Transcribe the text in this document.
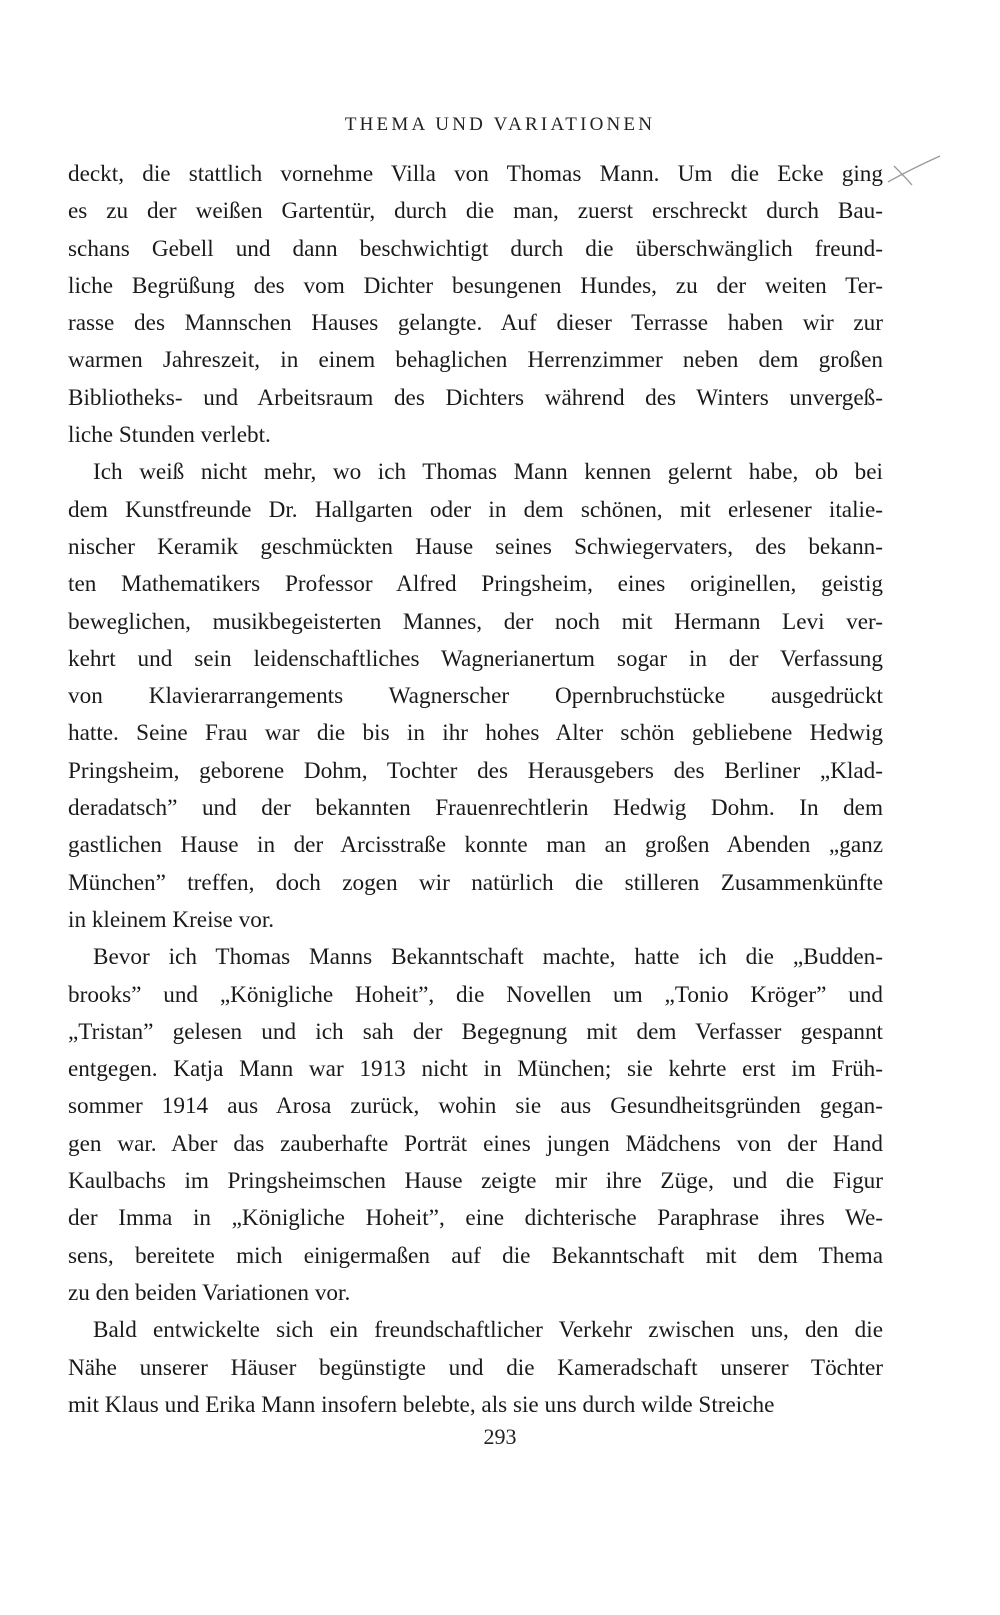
THEMA UND VARIATIONEN
deckt, die stattlich vornehme Villa von Thomas Mann. Um die Ecke ging
es zu der weißen Gartentür, durch die man, zuerst erschreckt durch Bau-
schans Gebell und dann beschwichtigt durch die überschwänglich freund-
liche Begrüßung des vom Dichter besungenen Hundes, zu der weiten Ter-
rasse des Mannschen Hauses gelangte. Auf dieser Terrasse haben wir zur
warmen Jahreszeit, in einem behaglichen Herrenzimmer neben dem großen
Bibliotheks- und Arbeitsraum des Dichters während des Winters unvergeß-
liche Stunden verlebt.
Ich weiß nicht mehr, wo ich Thomas Mann kennen gelernt habe, ob bei
dem Kunstfreunde Dr. Hallgarten oder in dem schönen, mit erlesener italie-
nischer Keramik geschmückten Hause seines Schwiegervaters, des bekann-
ten Mathematikers Professor Alfred Pringsheim, eines originellen, geistig
beweglichen, musikbegeisterten Mannes, der noch mit Hermann Levi ver-
kehrt und sein leidenschaftliches Wagnerianertum sogar in der Verfassung
von Klavierarrangements Wagnerscher Opernbruchstücke ausgedrückt
hatte. Seine Frau war die bis in ihr hohes Alter schön gebliebene Hedwig
Pringsheim, geborene Dohm, Tochter des Herausgebers des Berliner „Klad-
deradatsch” und der bekannten Frauenrechtlerin Hedwig Dohm. In dem
gastlichen Hause in der Arcisstraße konnte man an großen Abenden „ganz
München” treffen, doch zogen wir natürlich die stilleren Zusammenkünfte
in kleinem Kreise vor.
Bevor ich Thomas Manns Bekanntschaft machte, hatte ich die „Budden-
brooks” und „Königliche Hoheit”, die Novellen um „Tonio Kröger” und
„Tristan” gelesen und ich sah der Begegnung mit dem Verfasser gespannt
entgegen. Katja Mann war 1913 nicht in München; sie kehrte erst im Früh-
sommer 1914 aus Arosa zurück, wohin sie aus Gesundheitsgründen gegan-
gen war. Aber das zauberhafte Porträt eines jungen Mädchens von der Hand
Kaulbachs im Pringsheimschen Hause zeigte mir ihre Züge, und die Figur
der Imma in „Königliche Hoheit”, eine dichterische Paraphrase ihres We-
sens, bereitete mich einigermaßen auf die Bekanntschaft mit dem Thema
zu den beiden Variationen vor.
Bald entwickelte sich ein freundschaftlicher Verkehr zwischen uns, den die
Nähe unserer Häuser begünstigte und die Kameradschaft unserer Töchter
mit Klaus und Erika Mann insofern belebte, als sie uns durch wilde Streiche
293
